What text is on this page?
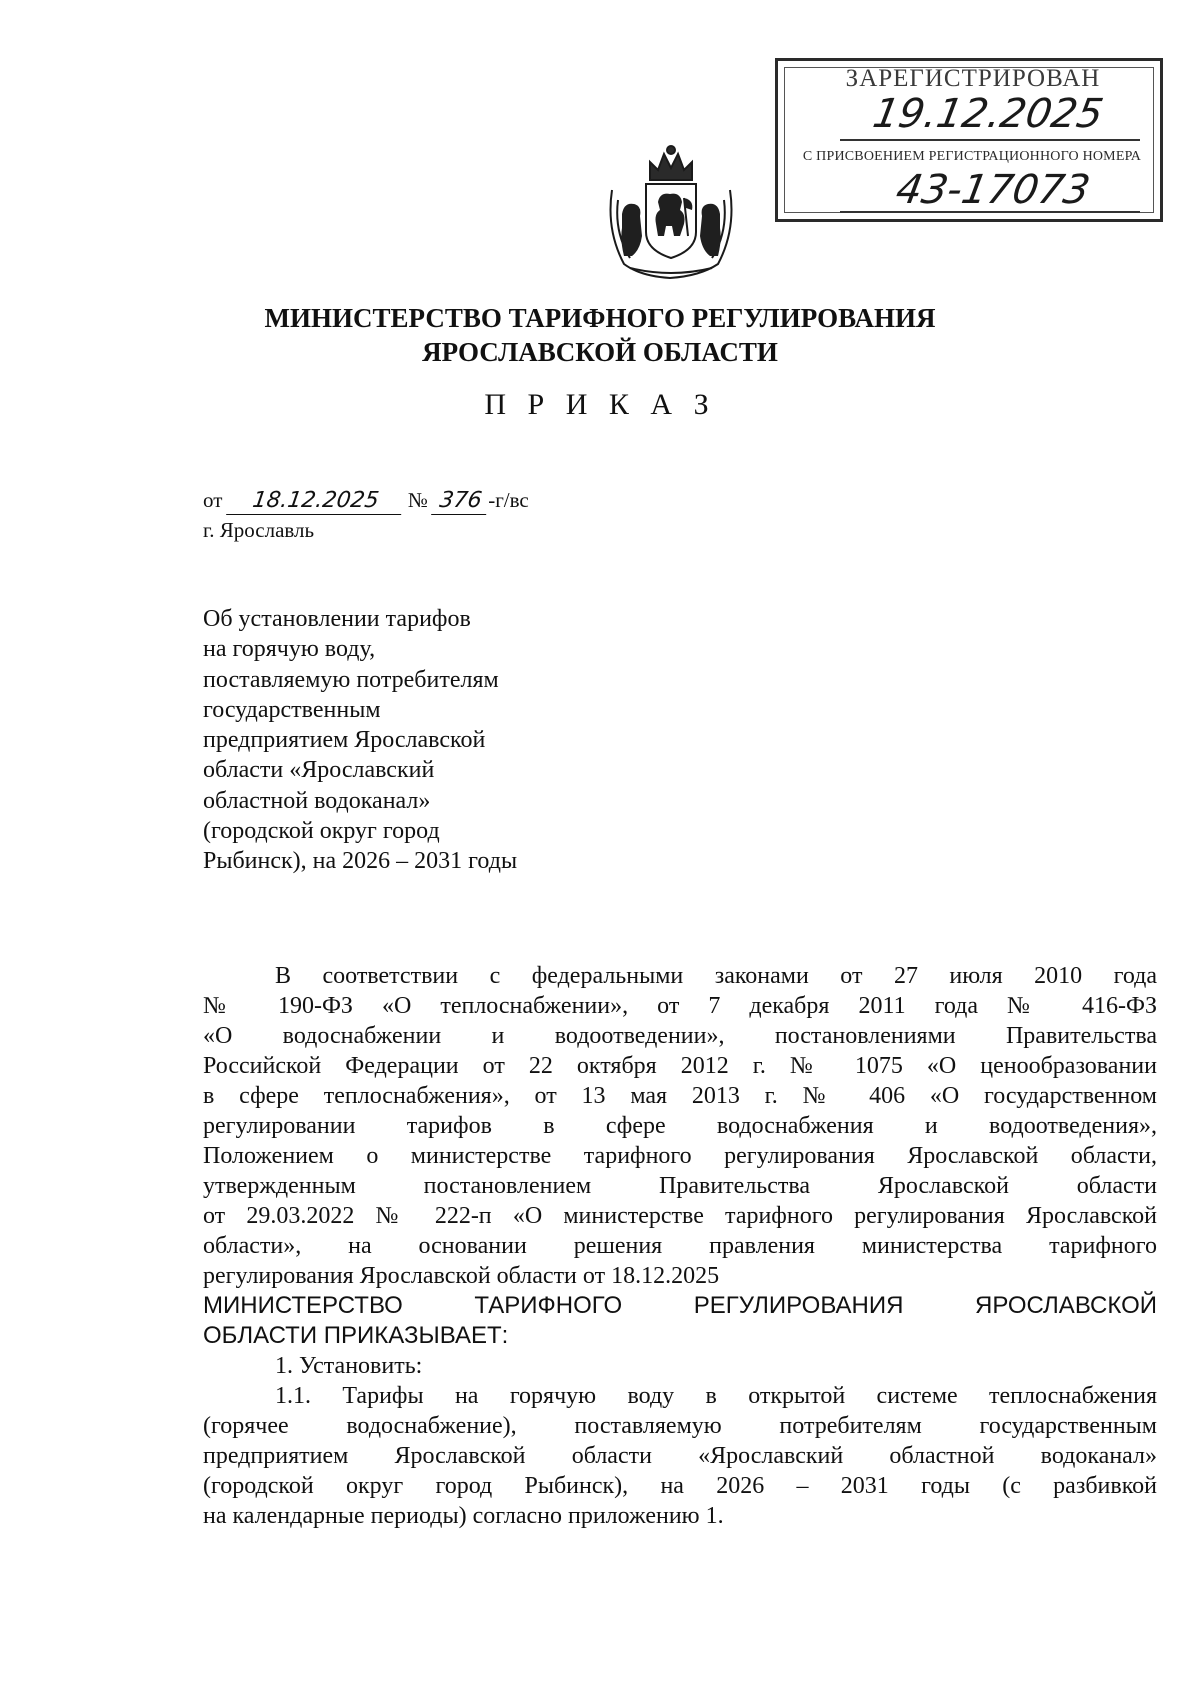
ЗАРЕГИСТРИРОВАН
19.12.2025
С ПРИСВОЕНИЕМ РЕГИСТРАЦИОННОГО НОМЕРА
43-17073
МИНИСТЕРСТВО ТАРИФНОГО РЕГУЛИРОВАНИЯ
ЯРОСЛАВСКОЙ ОБЛАСТИ
П Р И К А З
от 18.12.2025 № 376 -г/вс
г. Ярославль
Об установлении тарифов
на горячую воду,
поставляемую потребителям
государственным
предприятием Ярославской
области «Ярославский
областной водоканал»
(городской округ город
Рыбинск), на 2026 – 2031 годы
В соответствии с федеральными законами от 27 июля 2010 года
№ 190-ФЗ «О теплоснабжении», от 7 декабря 2011 года № 416-ФЗ
«О водоснабжении и водоотведении», постановлениями Правительства
Российской Федерации от 22 октября 2012 г. № 1075 «О ценообразовании
в сфере теплоснабжения», от 13 мая 2013 г. № 406 «О государственном
регулировании тарифов в сфере водоснабжения и водоотведения»,
Положением о министерстве тарифного регулирования Ярославской области,
утвержденным постановлением Правительства Ярославской области
от 29.03.2022 № 222-п «О министерстве тарифного регулирования Ярославской
области», на основании решения правления министерства тарифного
регулирования Ярославской области от 18.12.2025
МИНИСТЕРСТВО ТАРИФНОГО РЕГУЛИРОВАНИЯ ЯРОСЛАВСКОЙ
ОБЛАСТИ ПРИКАЗЫВАЕТ:
1. Установить:
1.1. Тарифы на горячую воду в открытой системе теплоснабжения
(горячее водоснабжение), поставляемую потребителям государственным
предприятием Ярославской области «Ярославский областной водоканал»
(городской округ город Рыбинск), на 2026 – 2031 годы (с разбивкой
на календарные периоды) согласно приложению 1.
